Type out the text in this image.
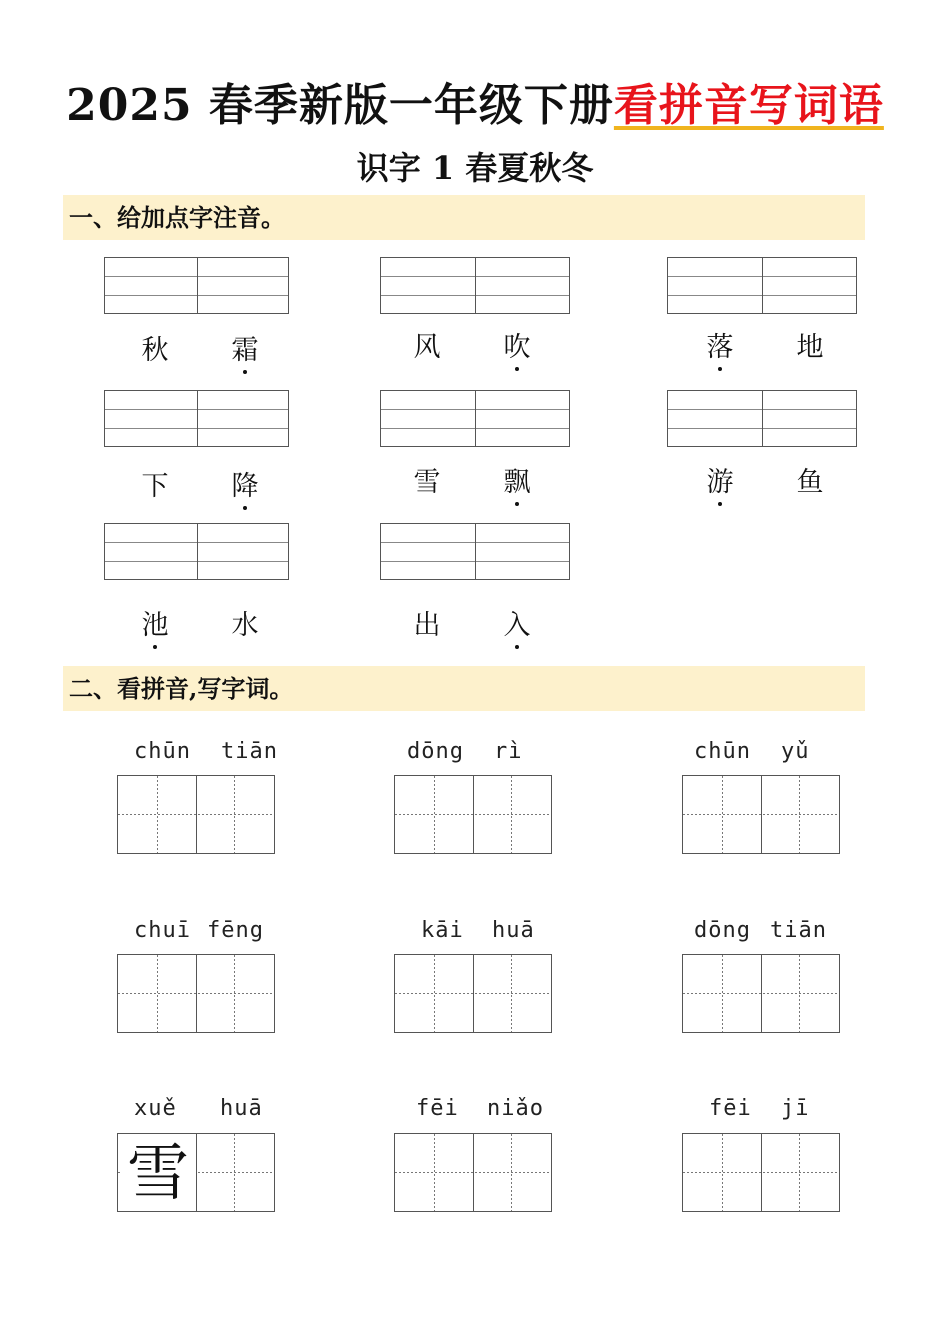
2025 春季新版一年级下册看拼音写词语
识字 1 春夏秋冬
一、给加点字注音。
秋	霜	风	吹	落	地
下	降	雪	飘	游	鱼
池	水	出	入
二、看拼音,写字词。
chūn tiān	dōng rì	chūn yǔ
chuī fēng	kāi huā	dōng tiān
xuě huā	fēi niǎo	fēi jī
雪
